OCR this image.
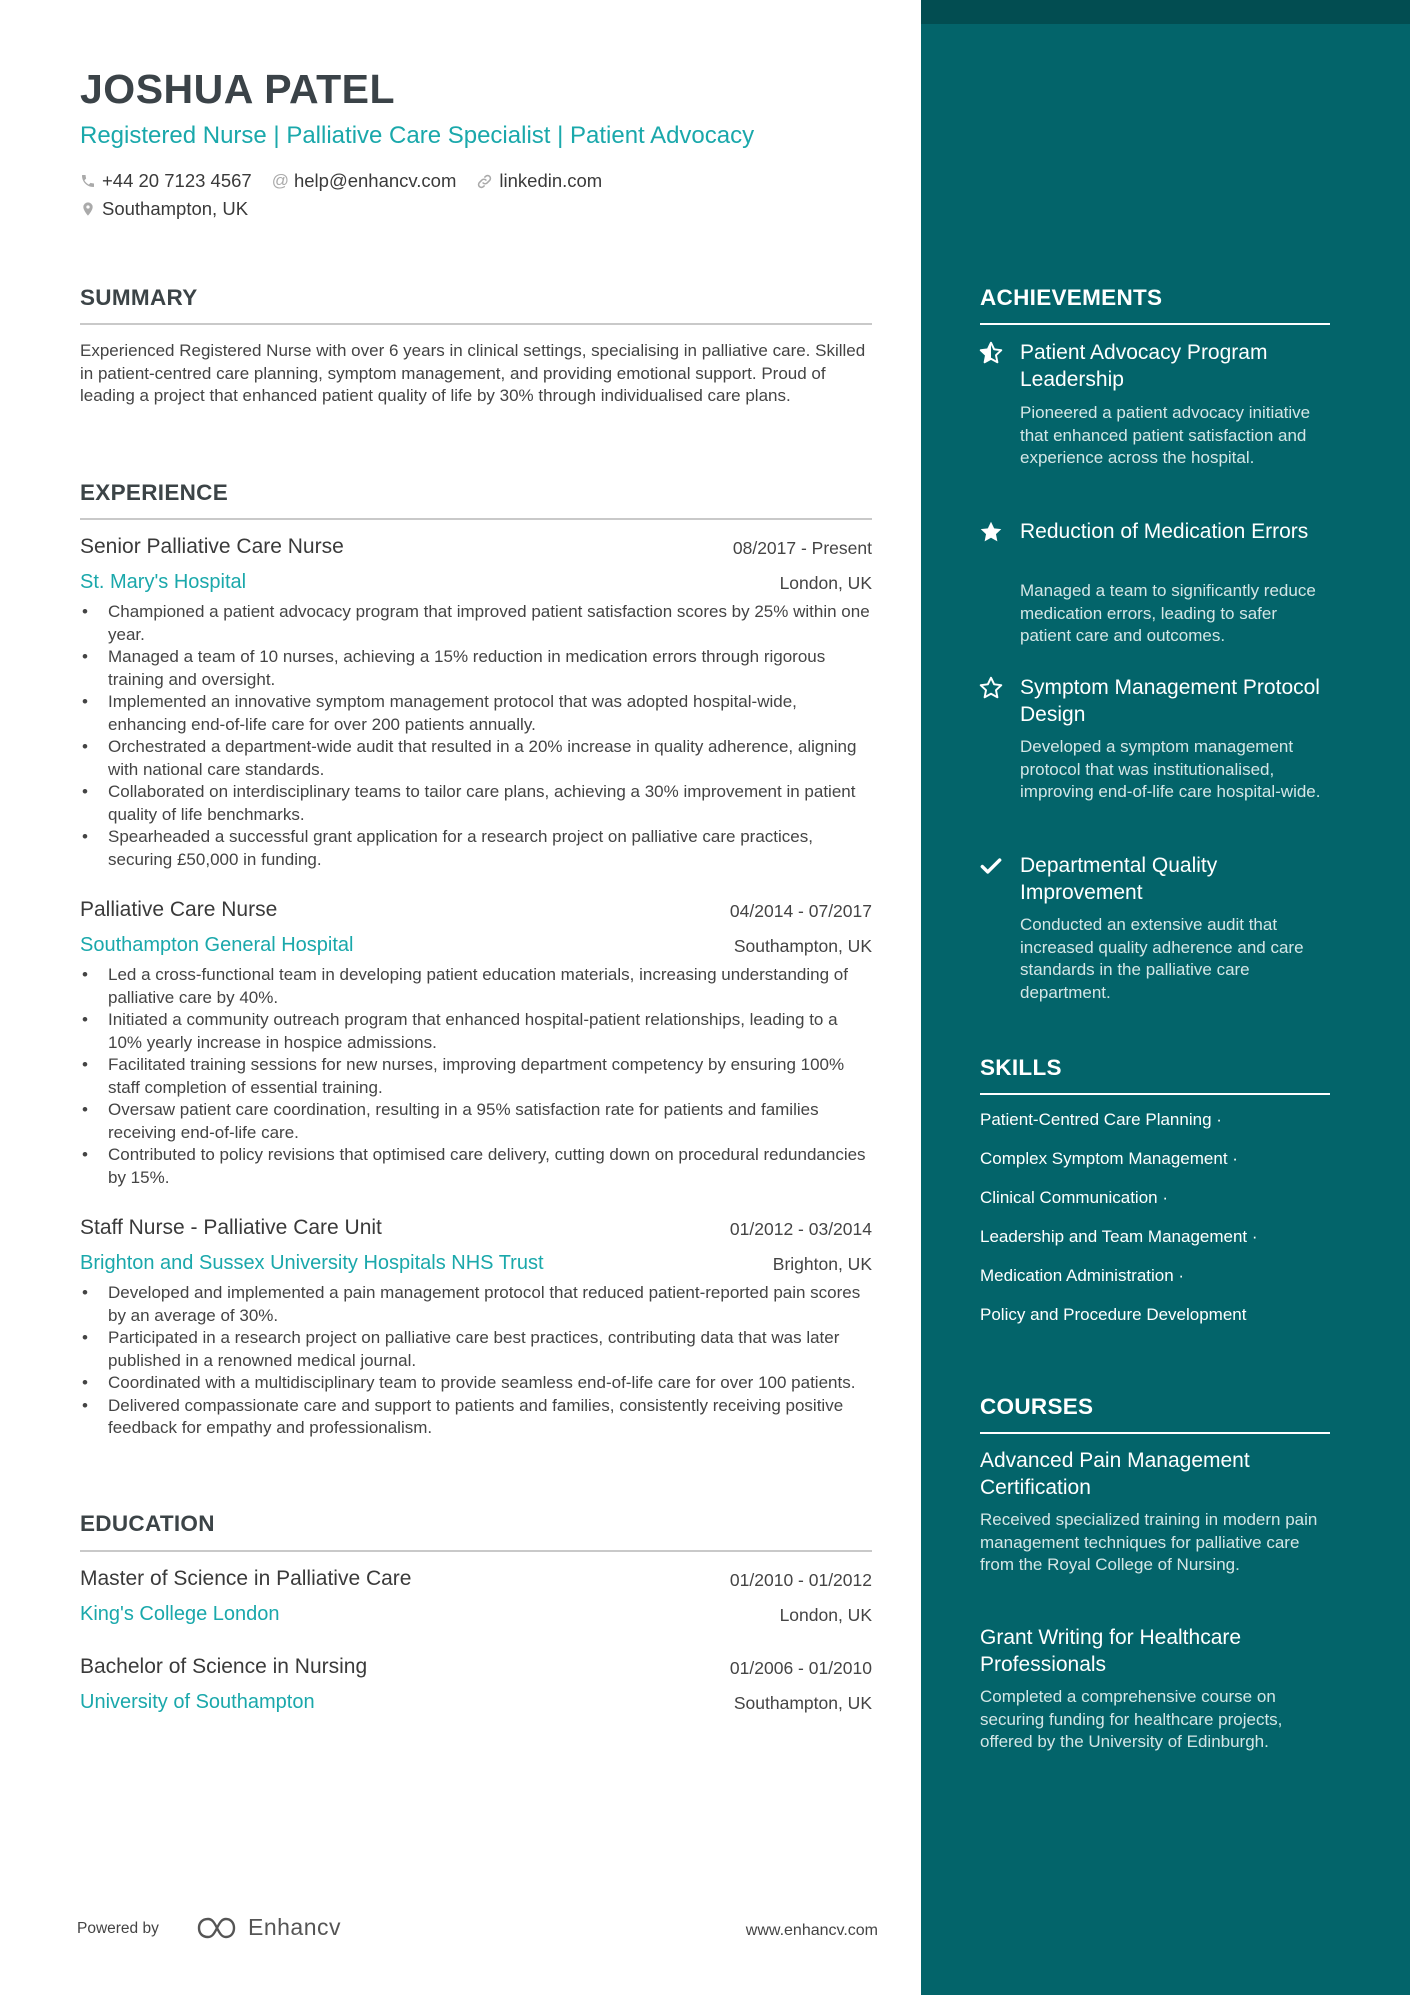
JOSHUA PATEL
Registered Nurse | Palliative Care Specialist | Patient Advocacy
+44 20 7123 4567 @ help@enhancv.com linkedin.com
Southampton, UK
SUMMARY

Experienced Registered Nurse with over 6 years in clinical settings, specialising in palliative care. Skilled in patient-centred care planning, symptom management, and providing emotional support. Proud of leading a project that enhanced patient quality of life by 30% through individualised care plans.

EXPERIENCE
Senior Palliative Care Nurse	08/2017 - Present
St. Mary's Hospital	London, UK
• Championed a patient advocacy program that improved patient satisfaction scores by 25% within one year.
• Managed a team of 10 nurses, achieving a 15% reduction in medication errors through rigorous training and oversight.
• Implemented an innovative symptom management protocol that was adopted hospital-wide, enhancing end-of-life care for over 200 patients annually.
• Orchestrated a department-wide audit that resulted in a 20% increase in quality adherence, aligning with national care standards.
• Collaborated on interdisciplinary teams to tailor care plans, achieving a 30% improvement in patient quality of life benchmarks.
• Spearheaded a successful grant application for a research project on palliative care practices, securing £50,000 in funding.
Palliative Care Nurse	04/2014 - 07/2017
Southampton General Hospital	Southampton, UK
• Led a cross-functional team in developing patient education materials, increasing understanding of palliative care by 40%.
• Initiated a community outreach program that enhanced hospital-patient relationships, leading to a 10% yearly increase in hospice admissions.
• Facilitated training sessions for new nurses, improving department competency by ensuring 100% staff completion of essential training.
• Oversaw patient care coordination, resulting in a 95% satisfaction rate for patients and families receiving end-of-life care.
• Contributed to policy revisions that optimised care delivery, cutting down on procedural redundancies by 15%.
Staff Nurse - Palliative Care Unit	01/2012 - 03/2014
Brighton and Sussex University Hospitals NHS Trust	Brighton, UK
• Developed and implemented a pain management protocol that reduced patient-reported pain scores by an average of 30%.
• Participated in a research project on palliative care best practices, contributing data that was later published in a renowned medical journal.
• Coordinated with a multidisciplinary team to provide seamless end-of-life care for over 100 patients.
• Delivered compassionate care and support to patients and families, consistently receiving positive feedback for empathy and professionalism.
EDUCATION
Master of Science in Palliative Care	01/2010 - 01/2012
King's College London	London, UK
Bachelor of Science in Nursing	01/2006 - 01/2010
University of Southampton	Southampton, UK
ACHIEVEMENTS
Patient Advocacy Program Leadership
Pioneered a patient advocacy initiative that enhanced patient satisfaction and experience across the hospital.
Reduction of Medication Errors
Managed a team to significantly reduce medication errors, leading to safer patient care and outcomes.
Symptom Management Protocol Design
Developed a symptom management protocol that was institutionalised, improving end-of-life care hospital-wide.
Departmental Quality Improvement
Conducted an extensive audit that increased quality adherence and care standards in the palliative care department.
SKILLS
Patient-Centred Care Planning ·
Complex Symptom Management ·
Clinical Communication ·
Leadership and Team Management ·
Medication Administration ·
Policy and Procedure Development
COURSES
Advanced Pain Management Certification
Received specialized training in modern pain management techniques for palliative care from the Royal College of Nursing.
Grant Writing for Healthcare Professionals
Completed a comprehensive course on securing funding for healthcare projects, offered by the University of Edinburgh.
Powered by	Enhancv	www.enhancv.com
